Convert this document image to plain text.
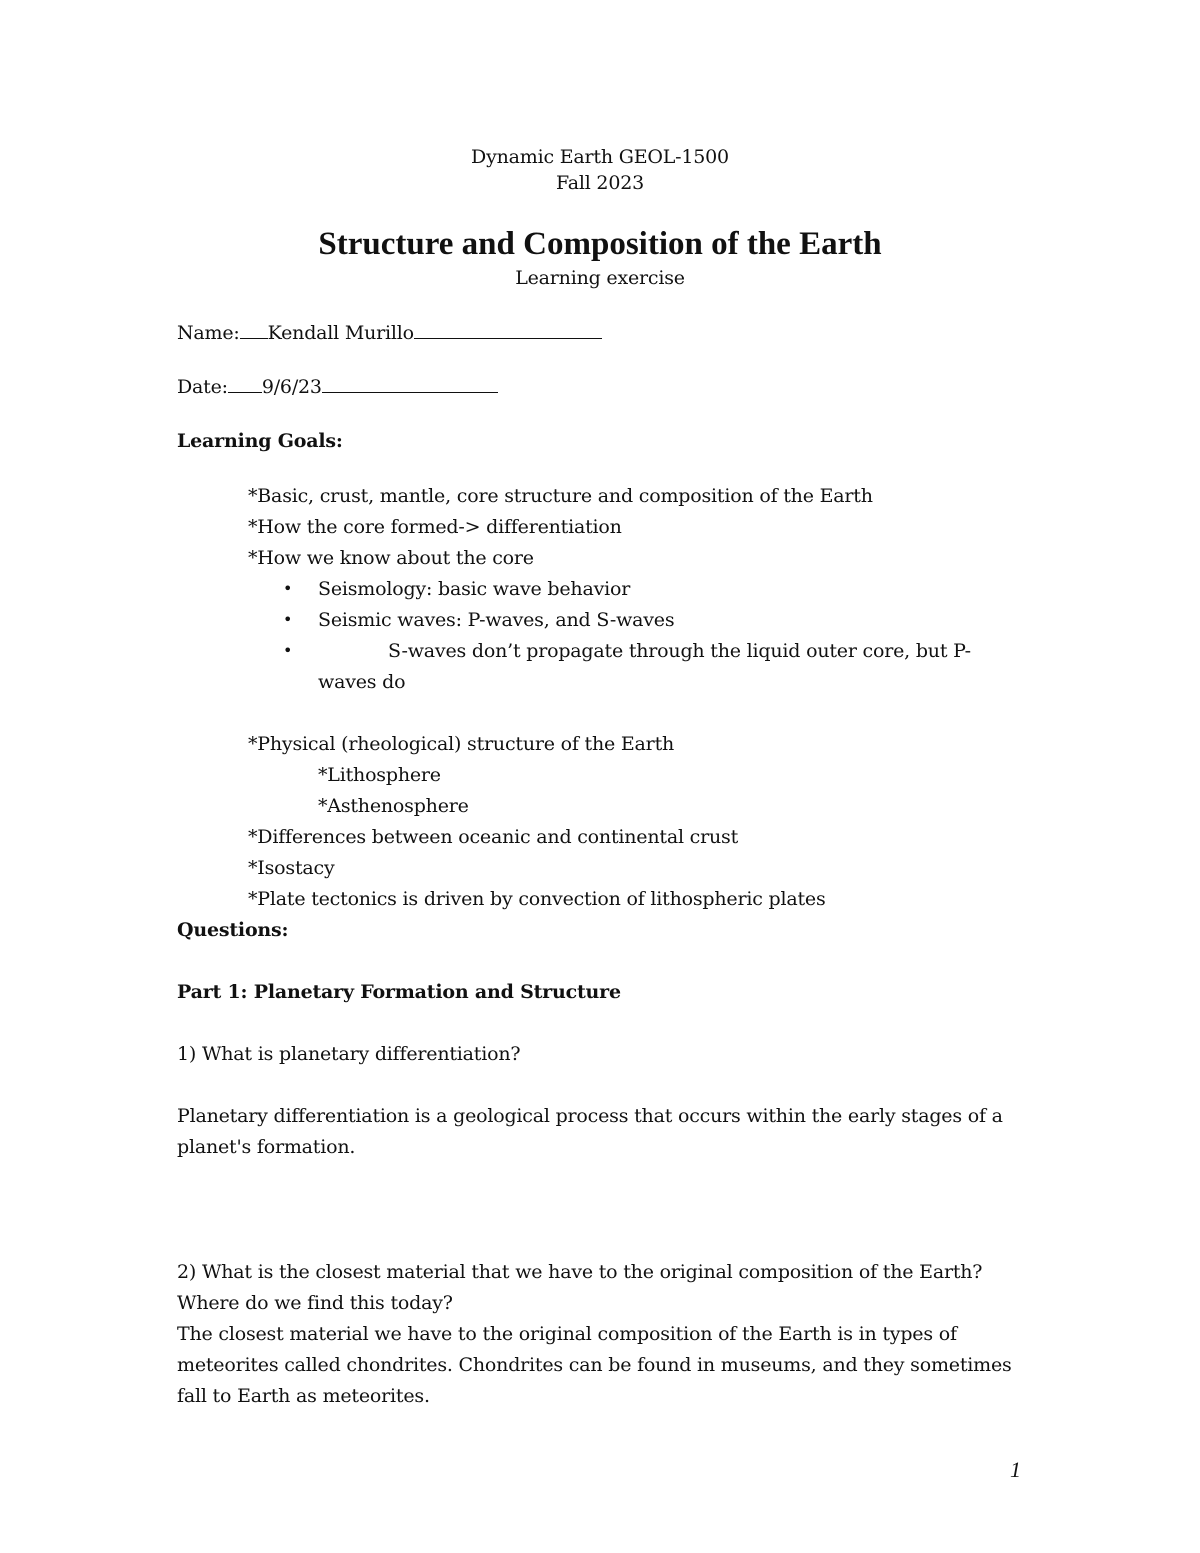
Dynamic Earth GEOL-1500
Fall 2023
Structure and Composition of the Earth
Learning exercise
Name: Kendall Murillo
Date: 9/6/23
Learning Goals:
*Basic, crust, mantle, core structure and composition of the Earth
*How the core formed-> differentiation
*How we know about the core
• Seismology: basic wave behavior
• Seismic waves: P-waves, and S-waves
•	S-waves don’t propagate through the liquid outer core, but P-
waves do
*Physical (rheological) structure of the Earth
*Lithosphere
*Asthenosphere
*Differences between oceanic and continental crust
*Isostacy
*Plate tectonics is driven by convection of lithospheric plates
Questions:
Part 1: Planetary Formation and Structure
1) What is planetary differentiation?
Planetary differentiation is a geological process that occurs within the early stages of a
planet's formation.
2) What is the closest material that we have to the original composition of the Earth?
Where do we find this today?
The closest material we have to the original composition of the Earth is in types of
meteorites called chondrites. Chondrites can be found in museums, and they sometimes
fall to Earth as meteorites.
1
